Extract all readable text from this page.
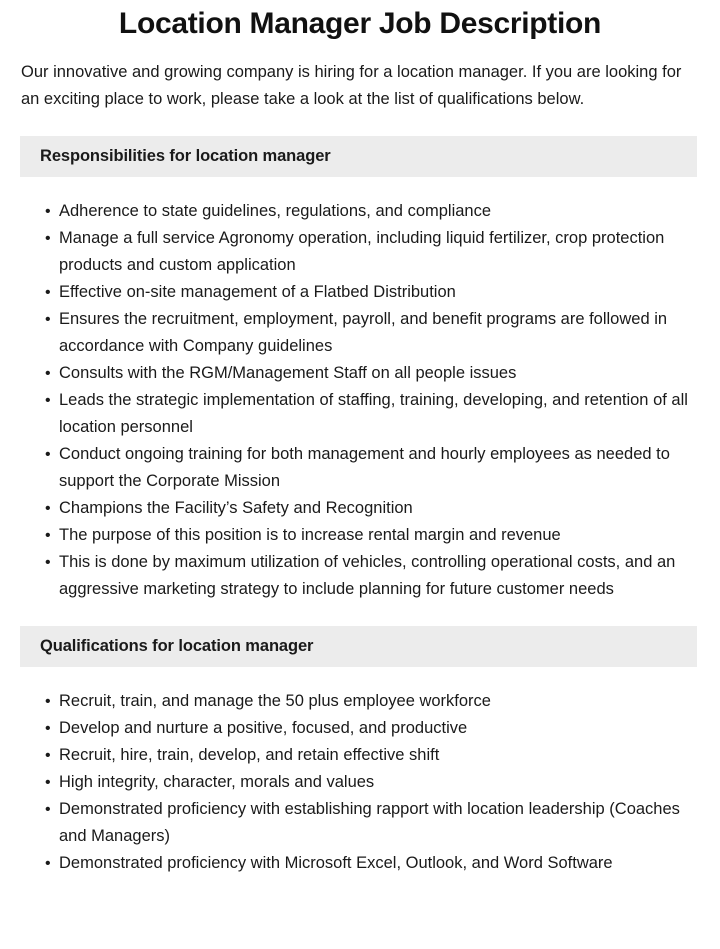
Location Manager Job Description

Our innovative and growing company is hiring for a location manager. If you are looking for an exciting place to work, please take a look at the list of qualifications below.

Responsibilities for location manager
• Adherence to state guidelines, regulations, and compliance
• Manage a full service Agronomy operation, including liquid fertilizer, crop protection products and custom application
• Effective on-site management of a Flatbed Distribution
• Ensures the recruitment, employment, payroll, and benefit programs are followed in accordance with Company guidelines
• Consults with the RGM/Management Staff on all people issues
• Leads the strategic implementation of staffing, training, developing, and retention of all location personnel
• Conduct ongoing training for both management and hourly employees as needed to support the Corporate Mission
• Champions the Facility’s Safety and Recognition
• The purpose of this position is to increase rental margin and revenue
• This is done by maximum utilization of vehicles, controlling operational costs, and an aggressive marketing strategy to include planning for future customer needs
Qualifications for location manager
• Recruit, train, and manage the 50 plus employee workforce
• Develop and nurture a positive, focused, and productive
• Recruit, hire, train, develop, and retain effective shift
• High integrity, character, morals and values
• Demonstrated proficiency with establishing rapport with location leadership (Coaches and Managers)
• Demonstrated proficiency with Microsoft Excel, Outlook, and Word Software
